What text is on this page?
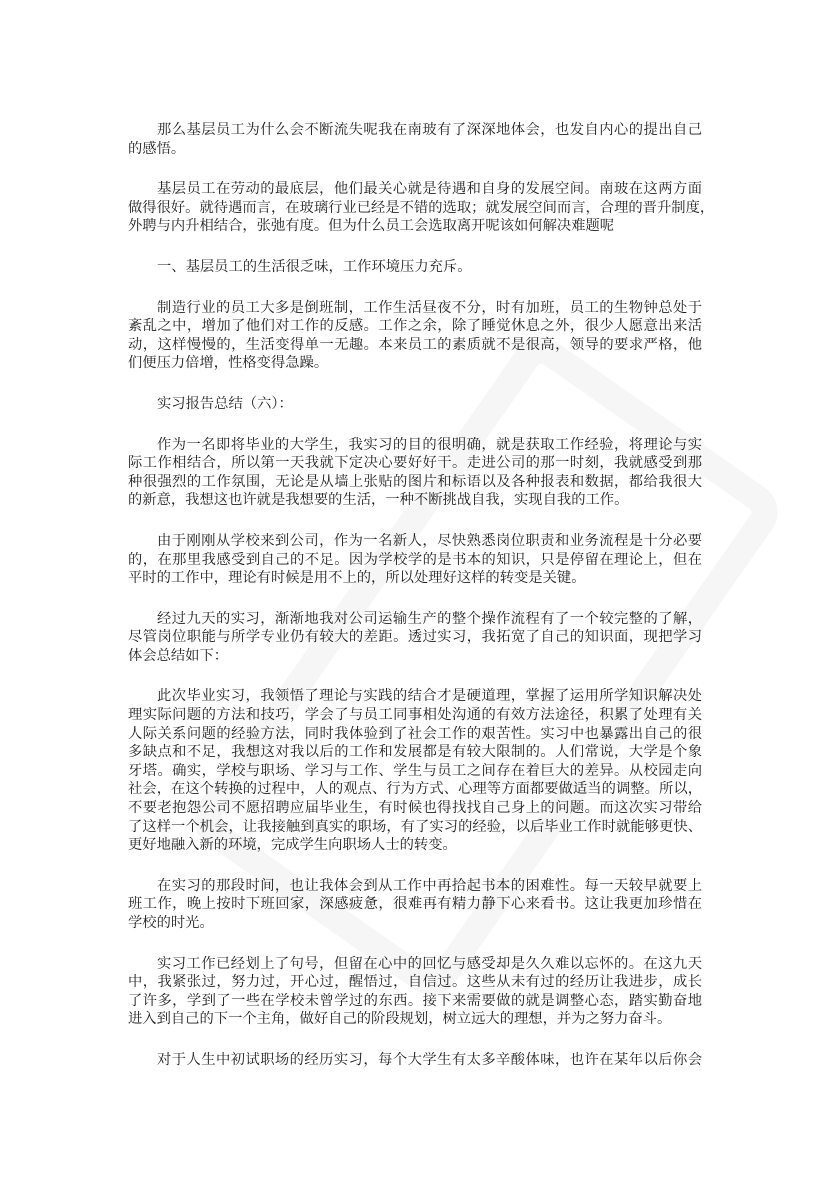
那么基层员工为什么会不断流失呢我在南玻有了深深地体会，也发自内心的提出自己
的感悟。
基层员工在劳动的最底层，他们最关心就是待遇和自身的发展空间。南玻在这两方面
做得很好。就待遇而言，在玻璃行业已经是不错的选取；就发展空间而言，合理的晋升制度，
外聘与内升相结合，张弛有度。但为什么员工会选取离开呢该如何解决难题呢
一、基层员工的生活很乏味，工作环境压力充斥。
制造行业的员工大多是倒班制，工作生活昼夜不分，时有加班，员工的生物钟总处于
紊乱之中，增加了他们对工作的反感。工作之余，除了睡觉休息之外，很少人愿意出来活
动，这样慢慢的，生活变得单一无趣。本来员工的素质就不是很高，领导的要求严格，他
们便压力倍增，性格变得急躁。
实习报告总结（六）：
作为一名即将毕业的大学生，我实习的目的很明确，就是获取工作经验，将理论与实
际工作相结合，所以第一天我就下定决心要好好干。走进公司的那一时刻，我就感受到那
种很强烈的工作氛围，无论是从墙上张贴的图片和标语以及各种报表和数据，都给我很大
的新意，我想这也许就是我想要的生活，一种不断挑战自我，实现自我的工作。
由于刚刚从学校来到公司，作为一名新人，尽快熟悉岗位职责和业务流程是十分必要
的，在那里我感受到自己的不足。因为学校学的是书本的知识，只是停留在理论上，但在
平时的工作中，理论有时候是用不上的，所以处理好这样的转变是关键。
经过九天的实习，渐渐地我对公司运输生产的整个操作流程有了一个较完整的了解，
尽管岗位职能与所学专业仍有较大的差距。透过实习，我拓宽了自己的知识面，现把学习
体会总结如下：
此次毕业实习，我领悟了理论与实践的结合才是硬道理，掌握了运用所学知识解决处
理实际问题的方法和技巧，学会了与员工同事相处沟通的有效方法途径，积累了处理有关
人际关系问题的经验方法，同时我体验到了社会工作的艰苦性。实习中也暴露出自己的很
多缺点和不足，我想这对我以后的工作和发展都是有较大限制的。人们常说，大学是个象
牙塔。确实，学校与职场、学习与工作、学生与员工之间存在着巨大的差异。从校园走向
社会，在这个转换的过程中，人的观点、行为方式、心理等方面都要做适当的调整。所以，
不要老抱怨公司不愿招聘应届毕业生，有时候也得找找自己身上的问题。而这次实习带给
了这样一个机会，让我接触到真实的职场，有了实习的经验，以后毕业工作时就能够更快、
更好地融入新的环境，完成学生向职场人士的转变。
在实习的那段时间，也让我体会到从工作中再拾起书本的困难性。每一天较早就要上
班工作，晚上按时下班回家，深感疲惫，很难再有精力静下心来看书。这让我更加珍惜在
学校的时光。
实习工作已经划上了句号，但留在心中的回忆与感受却是久久难以忘怀的。在这九天
中，我紧张过，努力过，开心过，醒悟过，自信过。这些从未有过的经历让我进步，成长
了许多，学到了一些在学校未曾学过的东西。接下来需要做的就是调整心态，踏实勤奋地
进入到自己的下一个主角，做好自己的阶段规划，树立远大的理想，并为之努力奋斗。
对于人生中初试职场的经历实习，每个大学生有太多辛酸体味，也许在某年以后你会
